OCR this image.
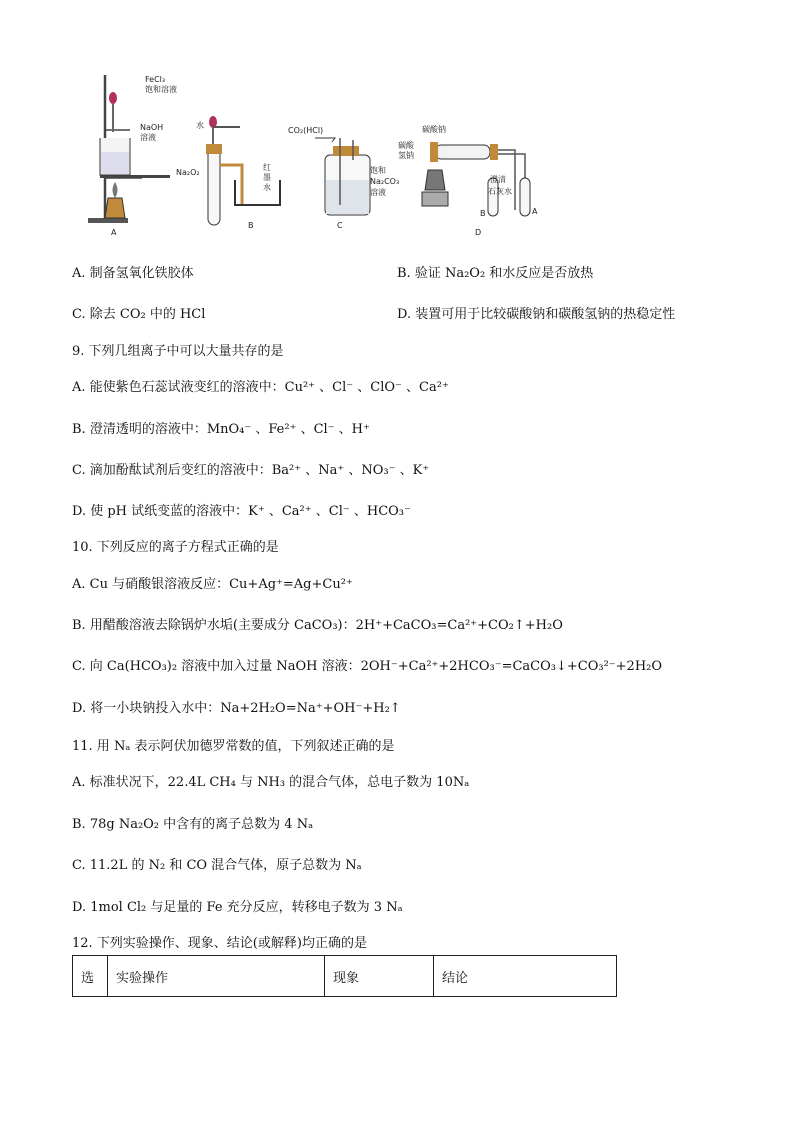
FeCl₃
饱和溶液
NaOH
溶液
A
水
Na₂O₂
红
墨
水
B
CO₂(HCl)
饱和
Na₂CO₃
溶液
C
碳酸钠
碳酸
氢钠
澄清
石灰水
B	A
D
A. 制备氢氧化铁胶体	B. 验证 Na₂O₂ 和水反应是否放热
C. 除去 CO₂ 中的 HCl	D. 装置可用于比较碳酸钠和碳酸氢钠的热稳定性
9. 下列几组离子中可以大量共存的是
A. 能使紫色石蕊试液变红的溶液中：Cu²⁺ 、Cl⁻ 、ClO⁻ 、Ca²⁺
B. 澄清透明的溶液中：MnO₄⁻ 、Fe²⁺ 、Cl⁻ 、H⁺
C. 滴加酚酞试剂后变红的溶液中：Ba²⁺ 、Na⁺ 、NO₃⁻ 、K⁺
D. 使 pH 试纸变蓝的溶液中：K⁺ 、Ca²⁺ 、Cl⁻ 、HCO₃⁻
10. 下列反应的离子方程式正确的是
A. Cu 与硝酸银溶液反应：Cu+Ag⁺=Ag+Cu²⁺
B. 用醋酸溶液去除锅炉水垢(主要成分 CaCO₃)：2H⁺+CaCO₃=Ca²⁺+CO₂↑+H₂O
C. 向 Ca(HCO₃)₂ 溶液中加入过量 NaOH 溶液：2OH⁻+Ca²⁺+2HCO₃⁻=CaCO₃↓+CO₃²⁻+2H₂O
D. 将一小块钠投入水中：Na+2H₂O=Na⁺+OH⁻+H₂↑
11. 用 Nₐ 表示阿伏加德罗常数的值，下列叙述正确的是
A. 标准状况下，22.4L CH₄ 与 NH₃ 的混合气体，总电子数为 10Nₐ
B. 78g Na₂O₂ 中含有的离子总数为 4 Nₐ
C. 11.2L 的 N₂ 和 CO 混合气体，原子总数为 Nₐ
D. 1mol Cl₂ 与足量的 Fe 充分反应，转移电子数为 3 Nₐ
12. 下列实验操作、现象、结论(或解释)均正确的是
选	实验操作	现象	结论
